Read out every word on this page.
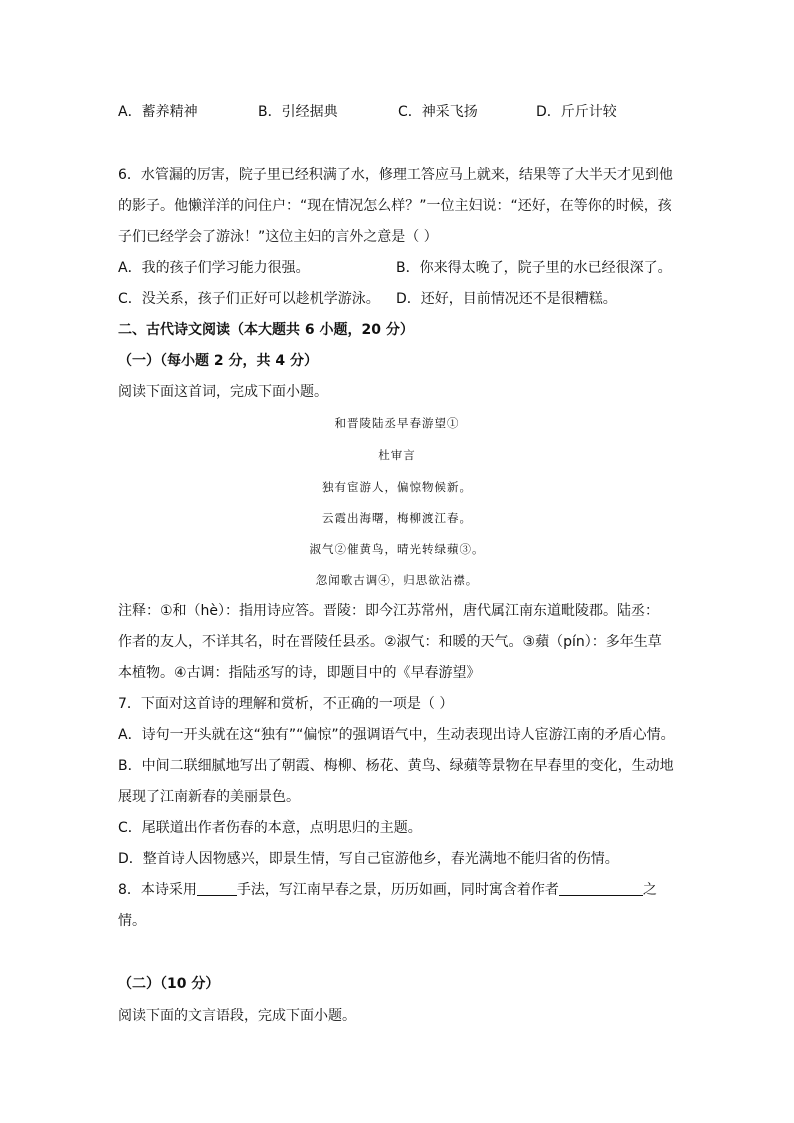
A．蓄养精神	B．引经据典	C．神采飞扬	D．斤斤计较
6．水管漏的厉害，院子里已经积满了水，修理工答应马上就来，结果等了大半天才见到他
的影子。他懒洋洋的问住户：“现在情况怎么样？”一位主妇说：“还好，在等你的时候，孩
子们已经学会了游泳！”这位主妇的言外之意是（ ）
A．我的孩子们学习能力很强。	B．你来得太晚了，院子里的水已经很深了。
C．没关系，孩子们正好可以趁机学游泳。 D．还好，目前情况还不是很糟糕。
二、古代诗文阅读（本大题共 6 小题，20 分）
（一）（每小题 2 分，共 4 分）
阅读下面这首词，完成下面小题。
和晋陵陆丞早春游望①
杜审言
独有宦游人，偏惊物候新。
云霞出海曙，梅柳渡江春。
淑气②催黄鸟，晴光转绿蘋③。
忽闻歌古调④，归思欲沾襟。
注释：①和（hè）：指用诗应答。晋陵：即今江苏常州，唐代属江南东道毗陵郡。陆丞：
作者的友人，不详其名，时在晋陵任县丞。②淑气：和暖的天气。③蘋（pín）：多年生草
本植物。④古调：指陆丞写的诗，即题目中的《早春游望》
7．下面对这首诗的理解和赏析，不正确的一项是（ ）
A．诗句一开头就在这“独有”“偏惊”的强调语气中，生动表现出诗人宦游江南的矛盾心情。
B．中间二联细腻地写出了朝霞、梅柳、杨花、黄鸟、绿蘋等景物在早春里的变化，生动地
展现了江南新春的美丽景色。
C．尾联道出作者伤春的本意，点明思归的主题。
D．整首诗人因物感兴，即景生情，写自己宦游他乡，春光满地不能归省的伤情。
8．本诗采用	手法，写江南早春之景，历历如画，同时寓含着作者	之
情。
（二）（10 分）
阅读下面的文言语段，完成下面小题。
